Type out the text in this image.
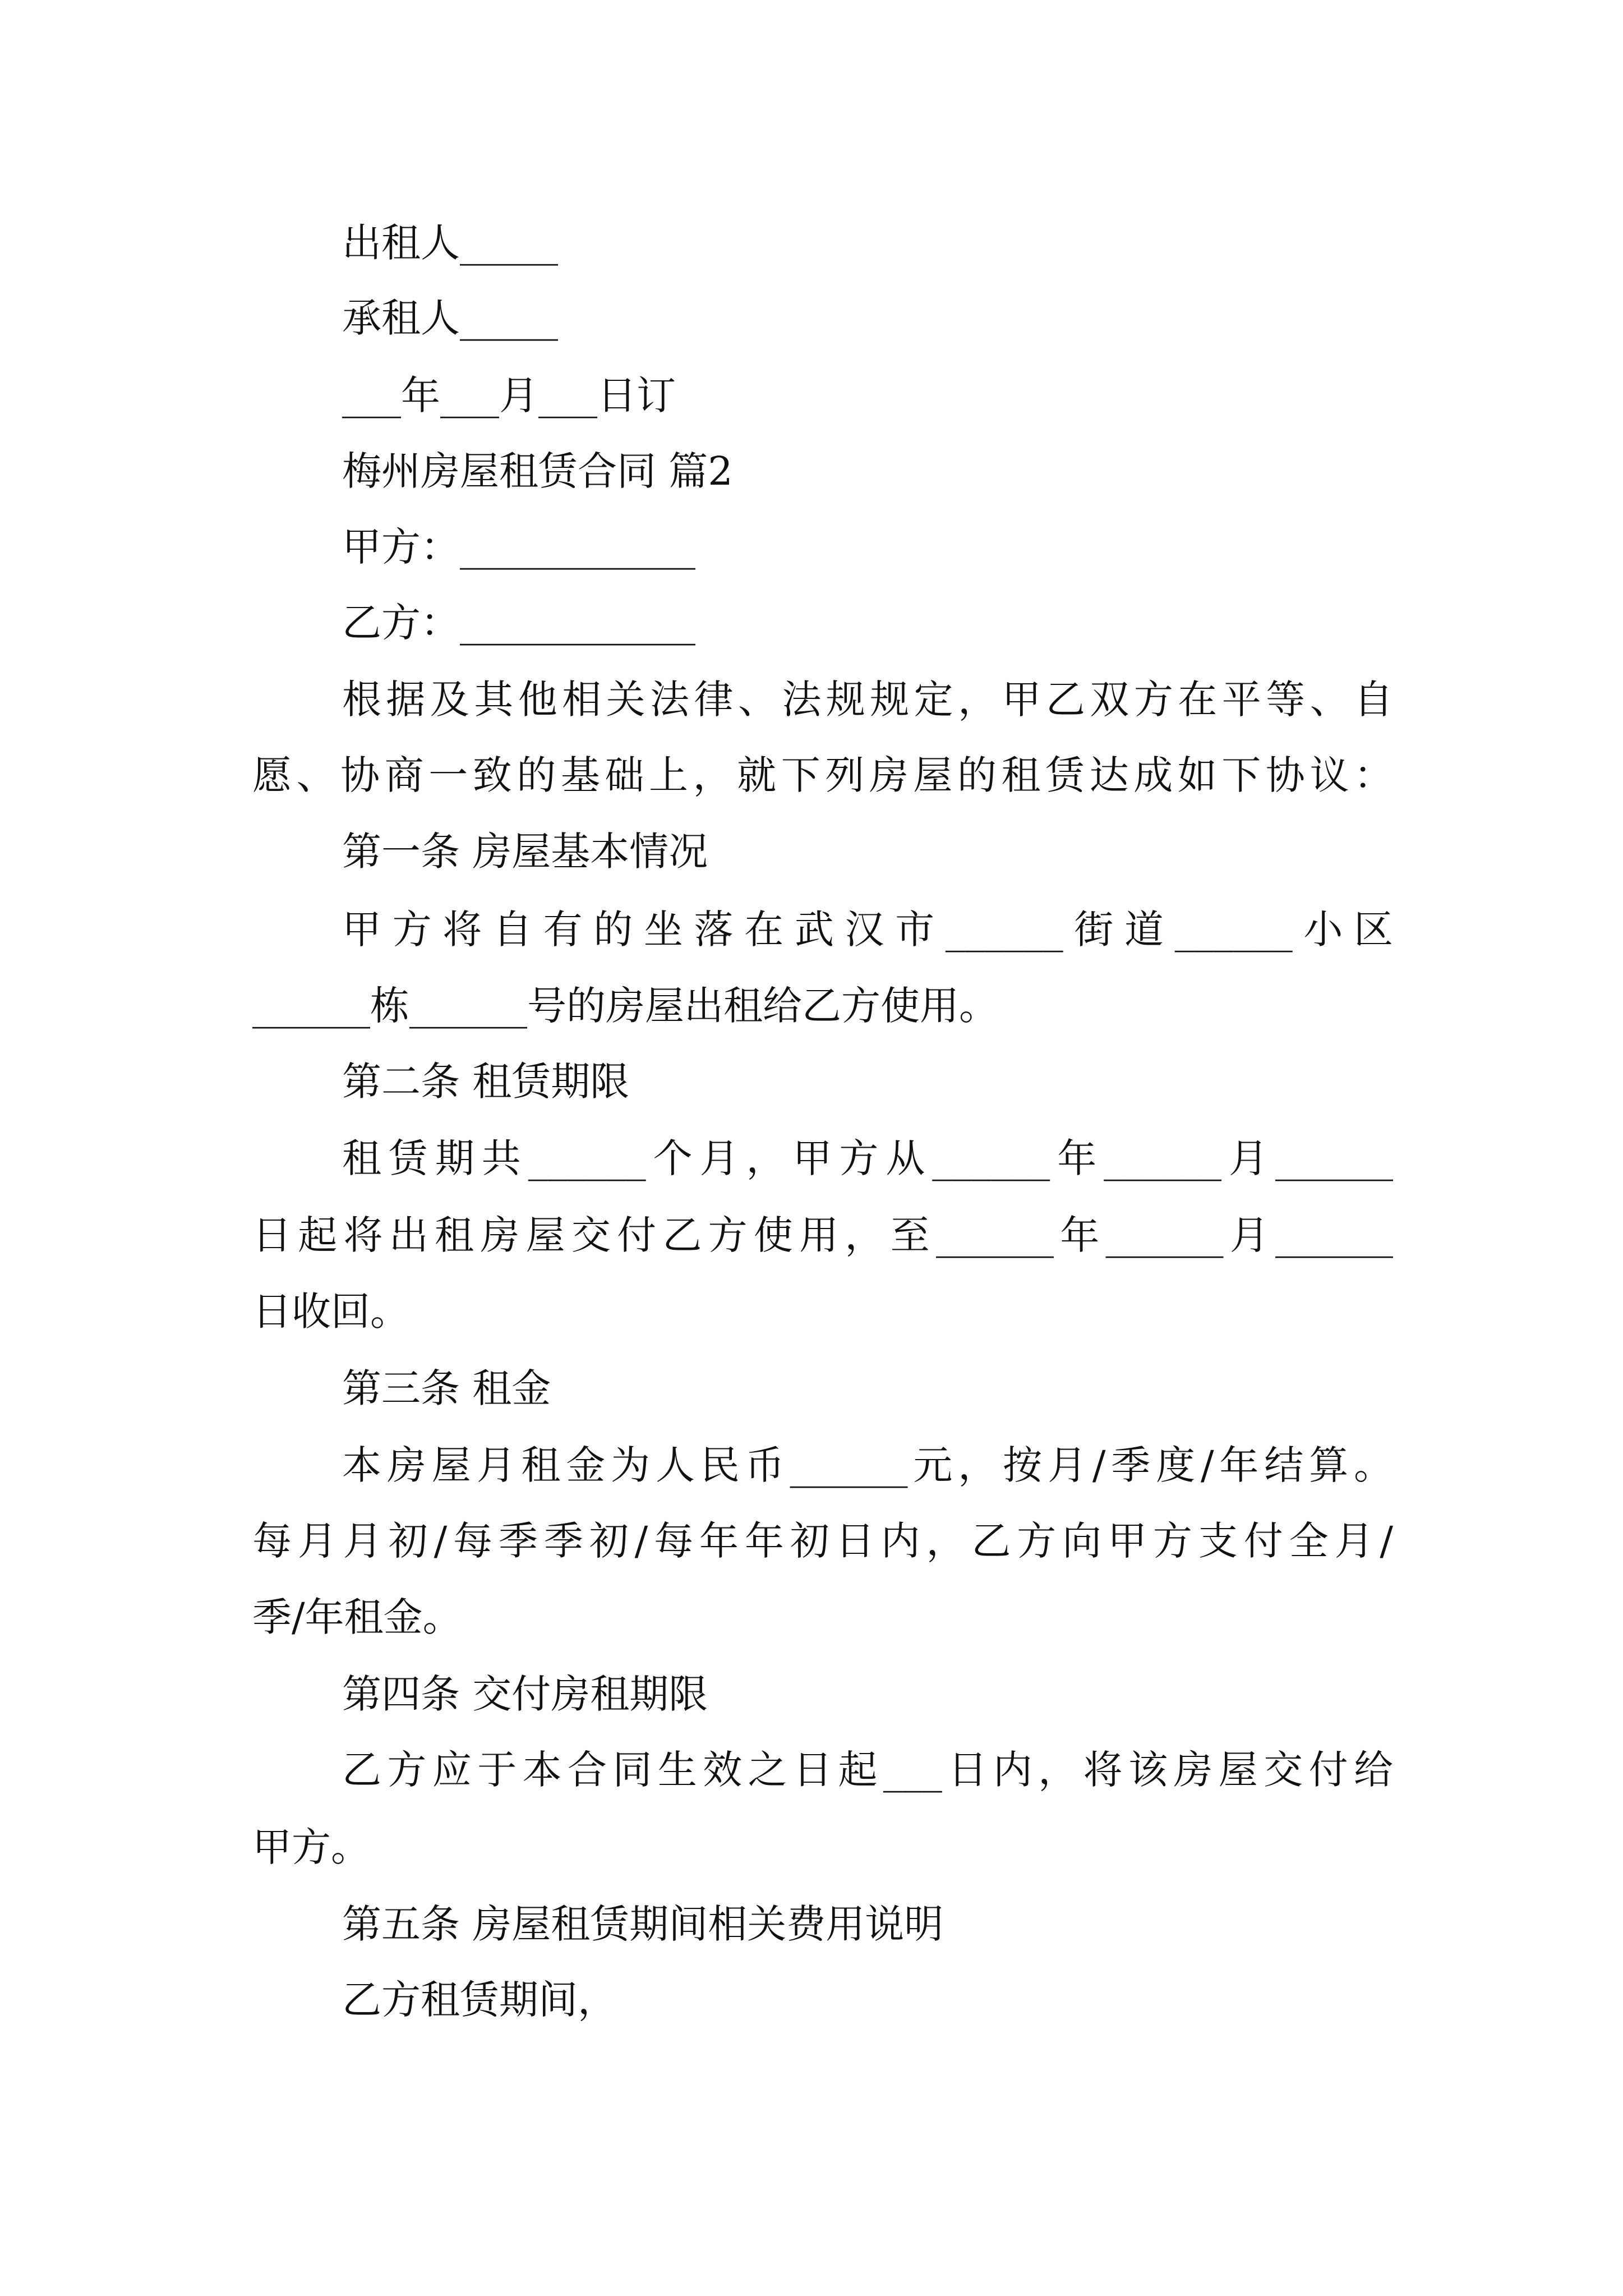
出租人_____
承租人_____
___年___月___日订
梅州房屋租赁合同 篇2
甲方：____________
乙方：____________
根据及其他相关法律、法规规定，甲乙双方在平等、自
愿、协商一致的基础上，就下列房屋的租赁达成如下协议：
第一条 房屋基本情况
甲方将自有的坐落在武汉市______街道______小区
______栋______号的房屋出租给乙方使用。
第二条 租赁期限
租赁期共______个月，甲方从______年______月______
日起将出租房屋交付乙方使用，至______年______月______
日收回。
第三条 租金
本房屋月租金为人民币______元，按月/季度/年结算。
每月月初/每季季初/每年年初日内，乙方向甲方支付全月/
季/年租金。
第四条 交付房租期限
乙方应于本合同生效之日起___日内，将该房屋交付给
甲方。
第五条 房屋租赁期间相关费用说明
乙方租赁期间，
